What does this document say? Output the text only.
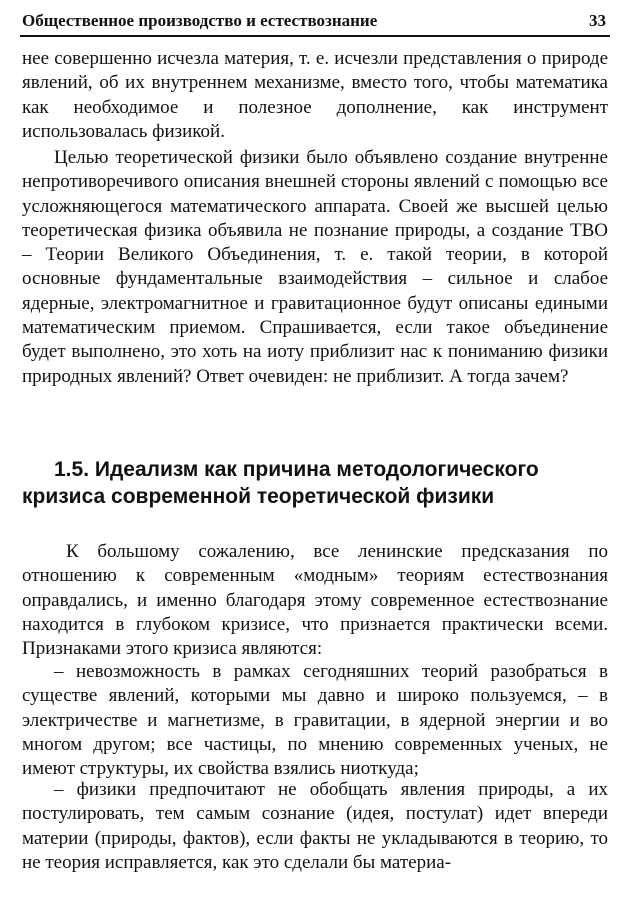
Общественное производство и естествознание	33

нее совершенно исчезла материя, т. е. исчезли представления о природе явлений, об их внутреннем механизме, вместо того, чтобы математика как необходимое и полезное дополнение, как инструмент использовалась физикой.

Целью теоретической физики было объявлено создание внутренне непротиворечивого описания внешней стороны явлений с помощью все усложняющегося математического аппарата. Своей же высшей целью теоретическая физика объявила не познание природы, а создание ТВО – Теории Великого Объединения, т. е. такой теории, в которой основные фундаментальные взаимодействия – сильное и слабое ядерные, электромагнитное и гравитационное будут описаны едиными математическим приемом. Спрашивается, если такое объединение будет выполнено, это хоть на иоту приблизит нас к пониманию физики природных явлений? Ответ очевиден: не приблизит. А тогда зачем?

1.5. Идеализм как причина методологического
кризиса современной теоретической физики

К большому сожалению, все ленинские предсказания по отношению к современным «модным» теориям естествознания оправдались, и именно благодаря этому современное естествознание находится в глубоком кризисе, что признается практически всеми. Признаками этого кризиса являются:

– невозможность в рамках сегодняшних теорий разобраться в существе явлений, которыми мы давно и широко пользуемся, – в электричестве и магнетизме, в гравитации, в ядерной энергии и во многом другом; все частицы, по мнению современных ученых, не имеют структуры, их свойства взялись ниоткуда;

– физики предпочитают не обобщать явления природы, а их постулировать, тем самым сознание (идея, постулат) идет впереди материи (природы, фактов), если факты не укладываются в теорию, то не теория исправляется, как это сделали бы материа-
